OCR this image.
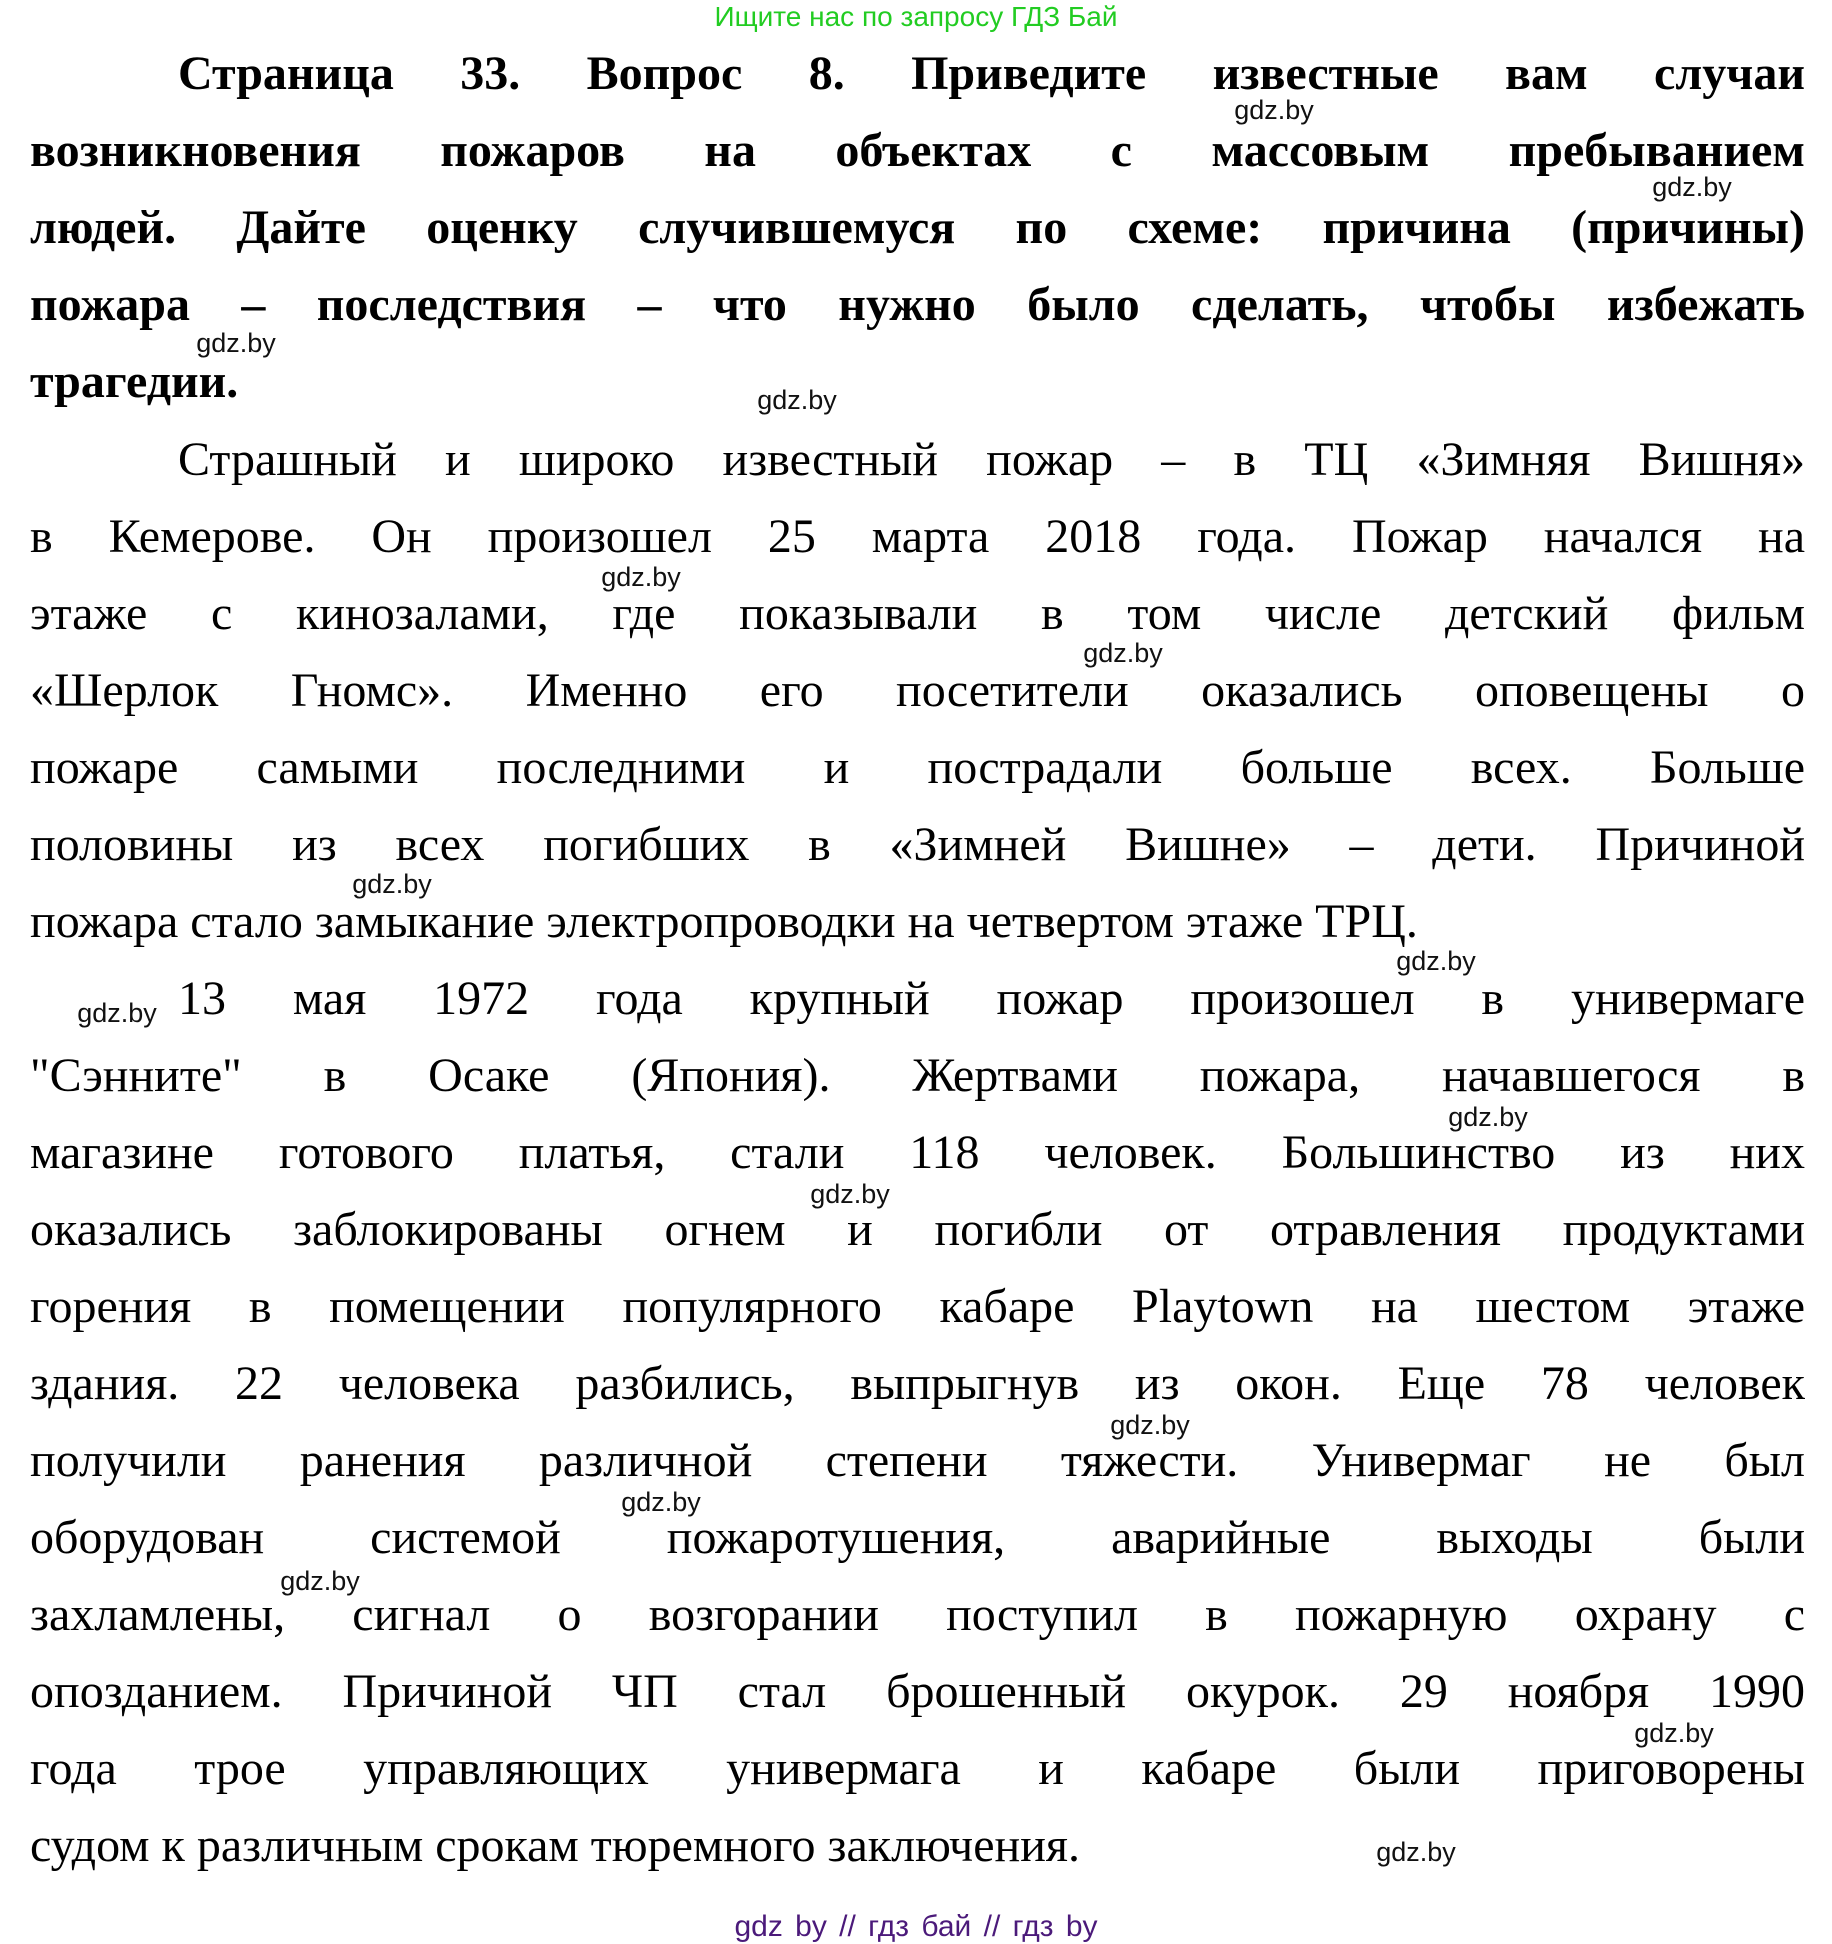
Ищите нас по запросу ГДЗ Бай
Страница 33. Вопрос 8. Приведите известные вам случаи
возникновения пожаров на объектах с массовым пребыванием
людей. Дайте оценку случившемуся по схеме: причина (причины)
пожара – последствия – что нужно было сделать, чтобы избежать
трагедии.
Страшный и широко известный пожар – в ТЦ «Зимняя Вишня»
в Кемерове. Он произошел 25 марта 2018 года. Пожар начался на
этаже с кинозалами, где показывали в том числе детский фильм
«Шерлок Гномс». Именно его посетители оказались оповещены о
пожаре самыми последними и пострадали больше всех. Больше
половины из всех погибших в «Зимней Вишне» – дети. Причиной
пожара стало замыкание электропроводки на четвертом этаже ТРЦ.
13 мая 1972 года крупный пожар произошел в универмаге
"Сэнните" в Осаке (Япония). Жертвами пожара, начавшегося в
магазине готового платья, стали 118 человек. Большинство из них
оказались заблокированы огнем и погибли от отравления продуктами
горения в помещении популярного кабаре Playtown на шестом этаже
здания. 22 человека разбились, выпрыгнув из окон. Еще 78 человек
получили ранения различной степени тяжести. Универмаг не был
оборудован системой пожаротушения, аварийные выходы были
захламлены, сигнал о возгорании поступил в пожарную охрану с
опозданием. Причиной ЧП стал брошенный окурок. 29 ноября 1990
года трое управляющих универмага и кабаре были приговорены
судом к различным срокам тюремного заключения.
gdz.by
gdz.by
gdz.by
gdz.by
gdz.by
gdz.by
gdz.by
gdz.by
gdz.by
gdz.by
gdz.by
gdz.by
gdz.by
gdz.by
gdz.by
gdz.by
gdz by // гдз бай // гдз by
